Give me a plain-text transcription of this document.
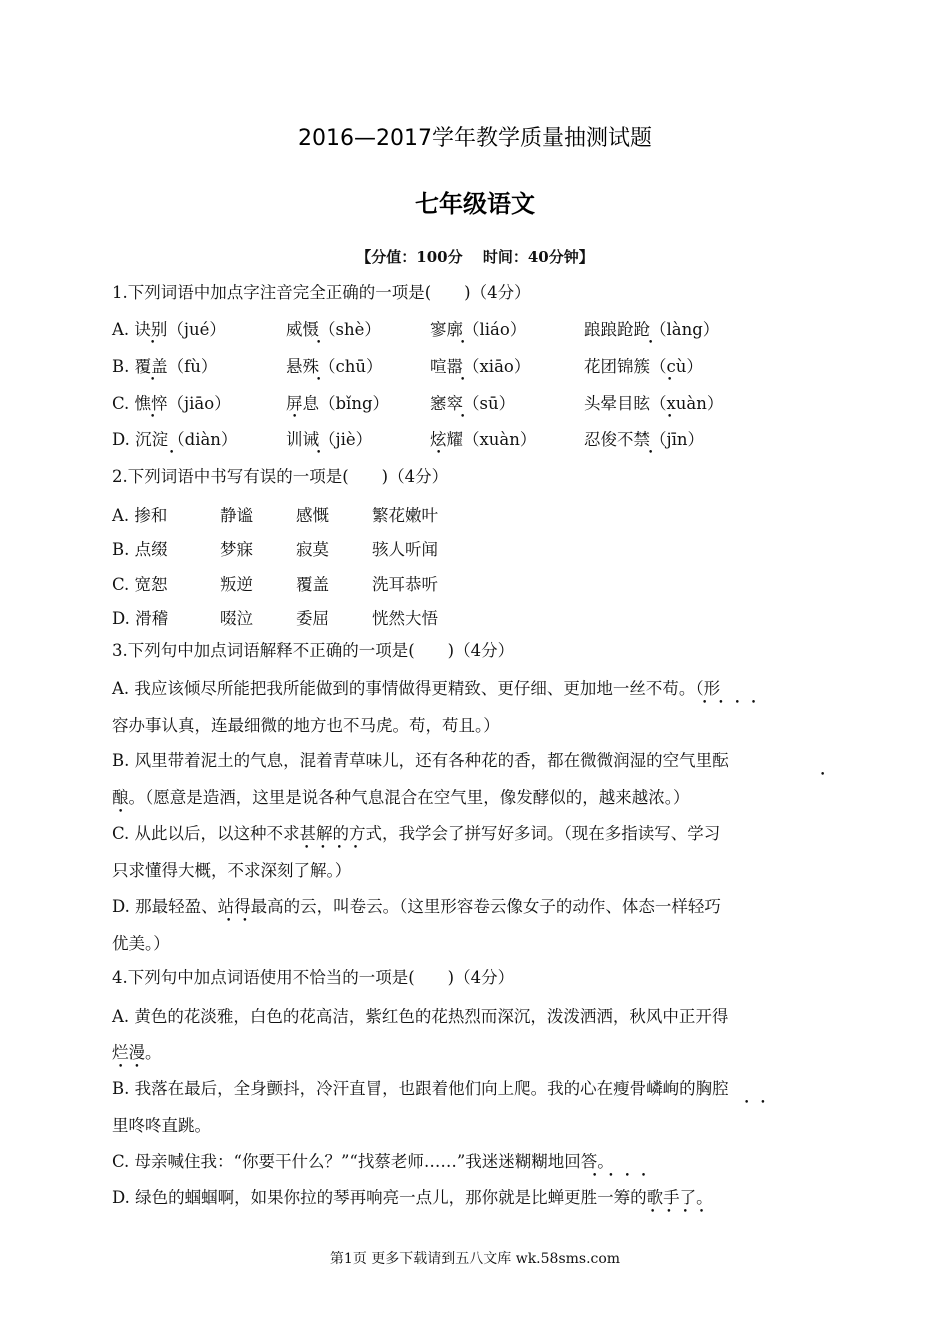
2016—2017学年教学质量抽测试题
七年级语文
【分值：100分　 时间：40分钟】
1.下列词语中加点字注音完全正确的一项是(　　)（4分）
A. 诀别（jué）	威慑（shè）	寥廓（liáo）	踉踉跄跄（làng）
B. 覆盖（fù）	悬殊（chū）	喧嚣（xiāo）	花团锦簇（cù）
C. 憔悴（jiāo）	屏息（bǐng） 窸窣（sū）	头晕目眩（xuàn）
D. 沉淀（diàn）	训诫（jiè）	炫耀（xuàn）	忍俊不禁（jīn）
2.下列词语中书写有误的一项是(　　)（4分）
A. 掺和	静谧	感慨	繁花嫩叶
B. 点缀	梦寐	寂莫	骇人听闻
C. 宽恕	叛逆	覆盖	洗耳恭听
D. 滑稽	啜泣	委屈	恍然大悟
3.下列句中加点词语解释不正确的一项是(　　)（4分）
A. 我应该倾尽所能把我所能做到的事情做得更精致、更仔细、更加地一丝不苟。（形
容办事认真，连最细微的地方也不马虎。苟，苟且。）
B. 风里带着泥土的气息，混着青草味儿，还有各种花的香，都在微微润湿的空气里酝
酿。（愿意是造酒，这里是说各种气息混合在空气里，像发酵似的，越来越浓。）
C. 从此以后，以这种不求甚解的方式，我学会了拼写好多词。（现在多指读写、学习
只求懂得大概，不求深刻了解。）
D. 那最轻盈、站得最高的云，叫卷云。（这里形容卷云像女子的动作、体态一样轻巧
优美。）
4.下列句中加点词语使用不恰当的一项是(　　)（4分）
A. 黄色的花淡雅，白色的花高洁，紫红色的花热烈而深沉，泼泼洒洒，秋风中正开得
烂漫。
B. 我落在最后，全身颤抖，冷汗直冒，也跟着他们向上爬。我的心在瘦骨嶙峋的胸腔
里咚咚直跳。
C. 母亲喊住我：“你要干什么？”“找蔡老师……”我迷迷糊糊地回答。
D. 绿色的蝈蝈啊，如果你拉的琴再响亮一点儿，那你就是比蝉更胜一筹的歌手了。
•	•	•	•
•	•	•	•
•	•	•	•
•	•	•	•
••••
•
•
••••
••
••
••
••••
••••
第1页 更多下载请到五八文库 wk.58sms.com
